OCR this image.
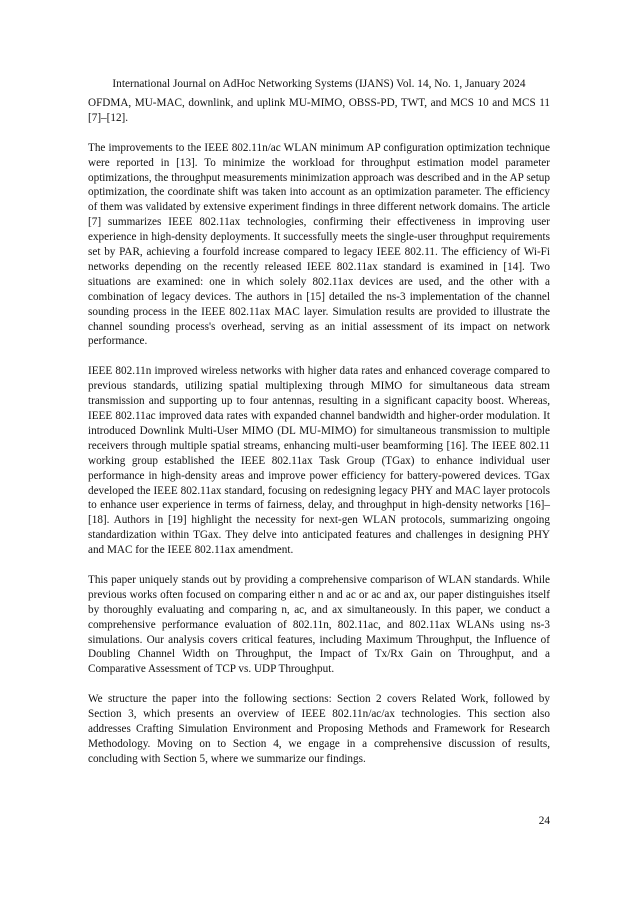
International Journal on AdHoc Networking Systems (IJANS) Vol. 14, No. 1, January 2024

OFDMA, MU-MAC, downlink, and uplink MU-MIMO, OBSS-PD, TWT, and MCS 10 and MCS 11 [7]–[12].

The improvements to the IEEE 802.11n/ac WLAN minimum AP configuration optimization technique were reported in [13]. To minimize the workload for throughput estimation model parameter optimizations, the throughput measurements minimization approach was described and in the AP setup optimization, the coordinate shift was taken into account as an optimization parameter. The efficiency of them was validated by extensive experiment findings in three different network domains. The article [7] summarizes IEEE 802.11ax technologies, confirming their effectiveness in improving user experience in high-density deployments. It successfully meets the single-user throughput requirements set by PAR, achieving a fourfold increase compared to legacy IEEE 802.11. The efficiency of Wi-Fi networks depending on the recently released IEEE 802.11ax standard is examined in [14]. Two situations are examined: one in which solely 802.11ax devices are used, and the other with a combination of legacy devices. The authors in [15] detailed the ns-3 implementation of the channel sounding process in the IEEE 802.11ax MAC layer. Simulation results are provided to illustrate the channel sounding process's overhead, serving as an initial assessment of its impact on network performance.

IEEE 802.11n improved wireless networks with higher data rates and enhanced coverage compared to previous standards, utilizing spatial multiplexing through MIMO for simultaneous data stream transmission and supporting up to four antennas, resulting in a significant capacity boost. Whereas, IEEE 802.11ac improved data rates with expanded channel bandwidth and higher-order modulation. It introduced Downlink Multi-User MIMO (DL MU-MIMO) for simultaneous transmission to multiple receivers through multiple spatial streams, enhancing multi-user beamforming [16]. The IEEE 802.11 working group established the IEEE 802.11ax Task Group (TGax) to enhance individual user performance in high-density areas and improve power efficiency for battery-powered devices. TGax developed the IEEE 802.11ax standard, focusing on redesigning legacy PHY and MAC layer protocols to enhance user experience in terms of fairness, delay, and throughput in high-density networks [16]–[18]. Authors in [19] highlight the necessity for next-gen WLAN protocols, summarizing ongoing standardization within TGax. They delve into anticipated features and challenges in designing PHY and MAC for the IEEE 802.11ax amendment.

This paper uniquely stands out by providing a comprehensive comparison of WLAN standards. While previous works often focused on comparing either n and ac or ac and ax, our paper distinguishes itself by thoroughly evaluating and comparing n, ac, and ax simultaneously. In this paper, we conduct a comprehensive performance evaluation of 802.11n, 802.11ac, and 802.11ax WLANs using ns-3 simulations. Our analysis covers critical features, including Maximum Throughput, the Influence of Doubling Channel Width on Throughput, the Impact of Tx/Rx Gain on Throughput, and a Comparative Assessment of TCP vs. UDP Throughput.

We structure the paper into the following sections: Section 2 covers Related Work, followed by Section 3, which presents an overview of IEEE 802.11n/ac/ax technologies. This section also addresses Crafting Simulation Environment and Proposing Methods and Framework for Research Methodology. Moving on to Section 4, we engage in a comprehensive discussion of results, concluding with Section 5, where we summarize our findings.

24
